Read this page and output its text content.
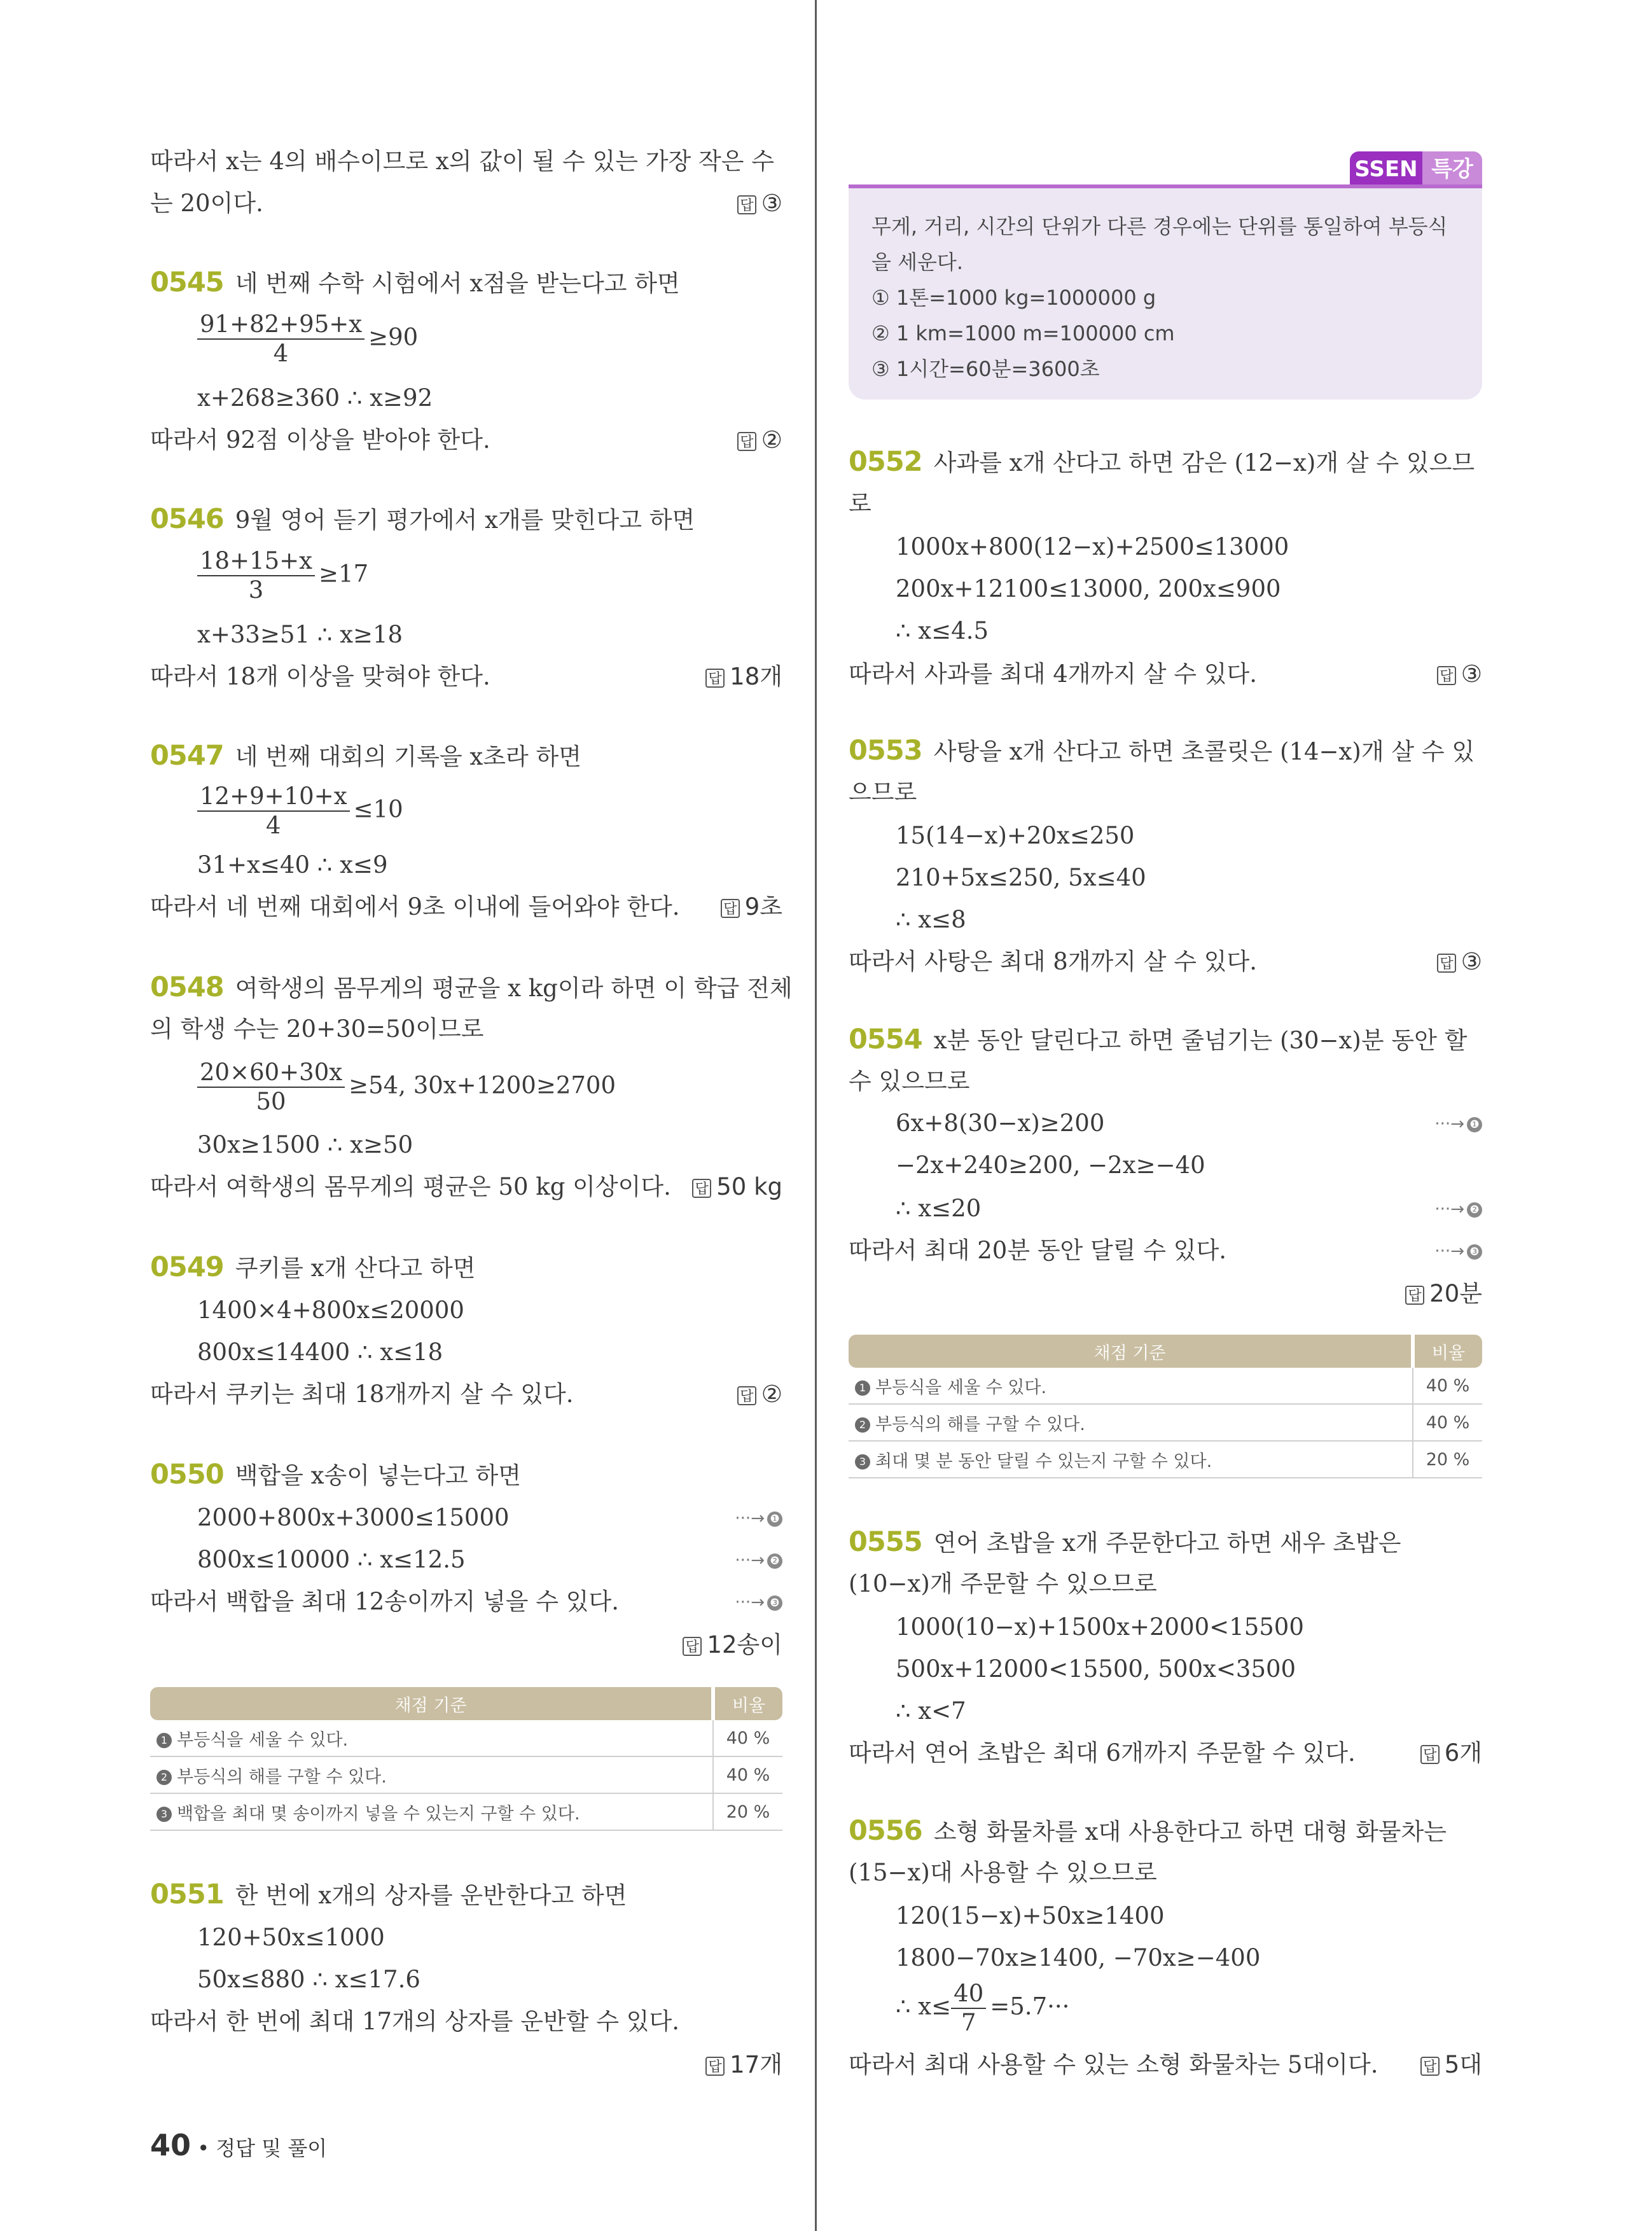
따라서 x는 4의 배수이므로 x의 값이 될 수 있는 가장 작은 수
는 20이다.	답 ③
0545 네 번째 수학 시험에서 x점을 받는다고 하면
$\frac{91+82+95+x}{4} \ge 90$
x+268≥360 ∴ x≥92
따라서 92점 이상을 받아야 한다.	답 ②
0546 9월 영어 듣기 평가에서 x개를 맞힌다고 하면
$\frac{18+15+x}{3} \ge 17$
x+33≥51 ∴ x≥18
따라서 18개 이상을 맞혀야 한다.	답 18개
0547 네 번째 대회의 기록을 x초라 하면
$\frac{12+9+10+x}{4} \le 10$
31+x≤40 ∴ x≤9
따라서 네 번째 대회에서 9초 이내에 들어와야 한다.	답 9초
0548 여학생의 몸무게의 평균을 x kg이라 하면 이 학급 전체
의 학생 수는 20+30=50이므로
$\frac{20\times 60+30x}{50} \ge 54$, 30x+1200≥2700
30x≥1500 ∴ x≥50
따라서 여학생의 몸무게의 평균은 50 kg 이상이다. 답 50 kg
0549 쿠키를 x개 산다고 하면
1400×4+800x≤20000
800x≤14400 ∴ x≤18
따라서 쿠키는 최대 18개까지 살 수 있다.	답 ②
0550 백합을 x송이 넣는다고 하면
2000+800x+3000≤15000	···→ ❶
800x≤10000 ∴ x≤12.5	···→ ❷
따라서 백합을 최대 12송이까지 넣을 수 있다.	···→ ❸
답 12송이
채점 기준	비율
1 부등식을 세울 수 있다.	40 %
2 부등식의 해를 구할 수 있다.	40 %
3 백합을 최대 몇 송이까지 넣을 수 있는지 구할 수 있다.	20 %
0551 한 번에 x개의 상자를 운반한다고 하면
120+50x≤1000
50x≤880 ∴ x≤17.6
따라서 한 번에 최대 17개의 상자를 운반할 수 있다.
답 17개
SSEN 특강

무게, 거리, 시간의 단위가 다른 경우에는 단위를 통일하여 부등식

을 세운다.

① 1톤=1000 kg=1000000 g

② 1 km=1000 m=100000 cm

③ 1시간=60분=3600초

0552 사과를 x개 산다고 하면 감은 (12−x)개 살 수 있으므
로
1000x+800(12−x)+2500≤13000
200x+12100≤13000, 200x≤900
∴ x≤4.5
따라서 사과를 최대 4개까지 살 수 있다.	답 ③
0553 사탕을 x개 산다고 하면 초콜릿은 (14−x)개 살 수 있
으므로
15(14−x)+20x≤250
210+5x≤250, 5x≤40
∴ x≤8
따라서 사탕은 최대 8개까지 살 수 있다.	답 ③
0554 x분 동안 달린다고 하면 줄넘기는 (30−x)분 동안 할
수 있으므로
6x+8(30−x)≥200	···→ ❶
−2x+240≥200, −2x≥−40
∴ x≤20	···→ ❷
따라서 최대 20분 동안 달릴 수 있다.	···→ ❸
답 20분
채점 기준	비율
1 부등식을 세울 수 있다.	40 %
2 부등식의 해를 구할 수 있다.	40 %
3 최대 몇 분 동안 달릴 수 있는지 구할 수 있다.	20 %
0555 연어 초밥을 x개 주문한다고 하면 새우 초밥은
(10−x)개 주문할 수 있으므로
1000(10−x)+1500x+2000<15500
500x+12000<15500, 500x<3500
∴ x<7
따라서 연어 초밥은 최대 6개까지 주문할 수 있다.	답 6개
0556 소형 화물차를 x대 사용한다고 하면 대형 화물차는
(15−x)대 사용할 수 있으므로
120(15−x)+50x≥1400
1800−70x≥1400, −70x≥−400
∴ $x\le \frac{40}{7} =5.7\cdot\cdot\cdot$
따라서 최대 사용할 수 있는 소형 화물차는 5대이다.	답 5대
40 • 정답 및 풀이
